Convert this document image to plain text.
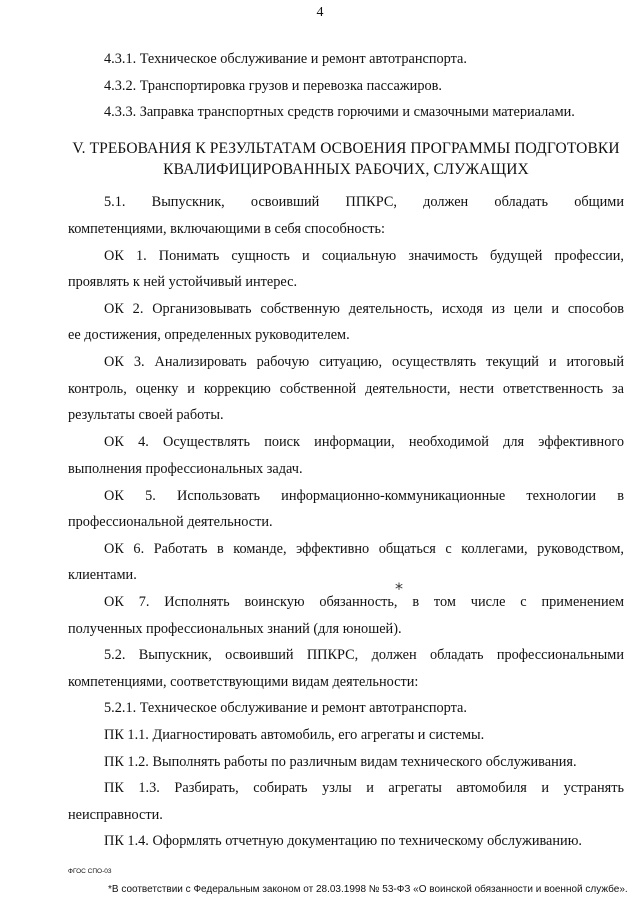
4
4.3.1. Техническое обслуживание и ремонт автотранспорта.
4.3.2. Транспортировка грузов и перевозка пассажиров.
4.3.3. Заправка транспортных средств горючими и смазочными материалами.
V. ТРЕБОВАНИЯ К РЕЗУЛЬТАТАМ ОСВОЕНИЯ ПРОГРАММЫ ПОДГОТОВКИ
КВАЛИФИЦИРОВАННЫХ РАБОЧИХ, СЛУЖАЩИХ
5.1. Выпускник, освоивший ППКРС, должен обладать общими
компетенциями, включающими в себя способность:
ОК 1. Понимать сущность и социальную значимость будущей профессии,
проявлять к ней устойчивый интерес.
ОК 2. Организовывать собственную деятельность, исходя из цели и способов
ее достижения, определенных руководителем.
ОК 3. Анализировать рабочую ситуацию, осуществлять текущий и итоговый
контроль, оценку и коррекцию собственной деятельности, нести ответственность за
результаты своей работы.
ОК 4. Осуществлять поиск информации, необходимой для эффективного
выполнения профессиональных задач.
ОК 5. Использовать информационно-коммуникационные технологии в
профессиональной деятельности.
ОК 6. Работать в команде, эффективно общаться с коллегами, руководством,
клиентами.
ОК 7. Исполнять воинскую обязанность, в том числе с применением
*
полученных профессиональных знаний (для юношей).
5.2. Выпускник, освоивший ППКРС, должен обладать профессиональными
компетенциями, соответствующими видам деятельности:
5.2.1. Техническое обслуживание и ремонт автотранспорта.
ПК 1.1. Диагностировать автомобиль, его агрегаты и системы.
ПК 1.2. Выполнять работы по различным видам технического обслуживания.
ПК 1.3. Разбирать, собирать узлы и агрегаты автомобиля и устранять
неисправности.
ПК 1.4. Оформлять отчетную документацию по техническому обслуживанию.
ФГОС СПО-03
*В соответствии с Федеральным законом от 28.03.1998 № 53-ФЗ «О воинской обязанности и военной службе».
